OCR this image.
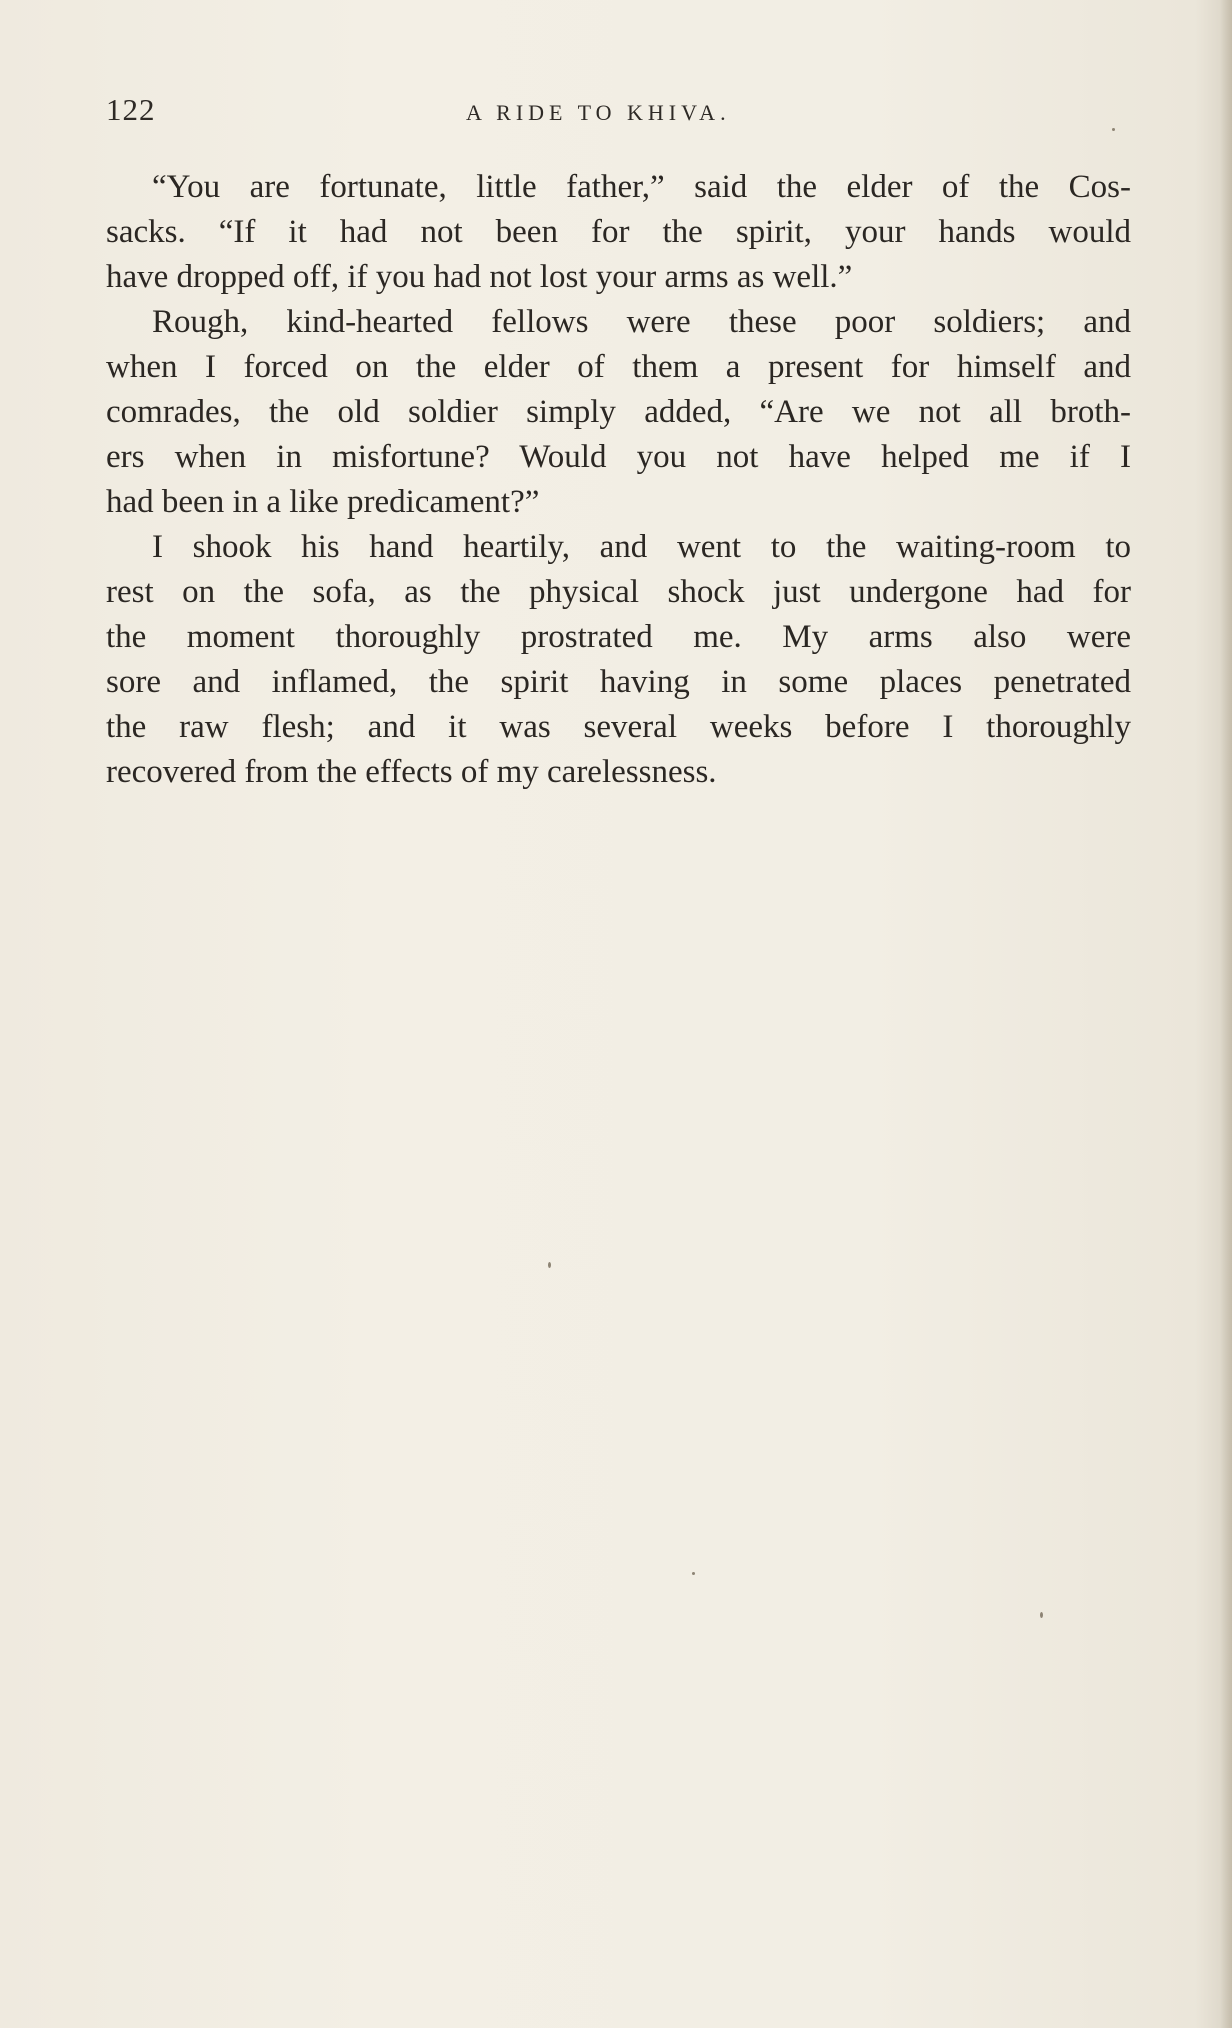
122	A RIDE TO KHIVA.
“You are fortunate, little father,” said the elder of the Cos-
sacks. “If it had not been for the spirit, your hands would
have dropped off, if you had not lost your arms as well.”
Rough, kind-hearted fellows were these poor soldiers; and
when I forced on the elder of them a present for himself and
comrades, the old soldier simply added, “Are we not all broth-
ers when in misfortune? Would you not have helped me if I
had been in a like predicament?”
I shook his hand heartily, and went to the waiting-room to
rest on the sofa, as the physical shock just undergone had for
the moment thoroughly prostrated me. My arms also were
sore and inflamed, the spirit having in some places penetrated
the raw flesh; and it was several weeks before I thoroughly
recovered from the effects of my carelessness.
